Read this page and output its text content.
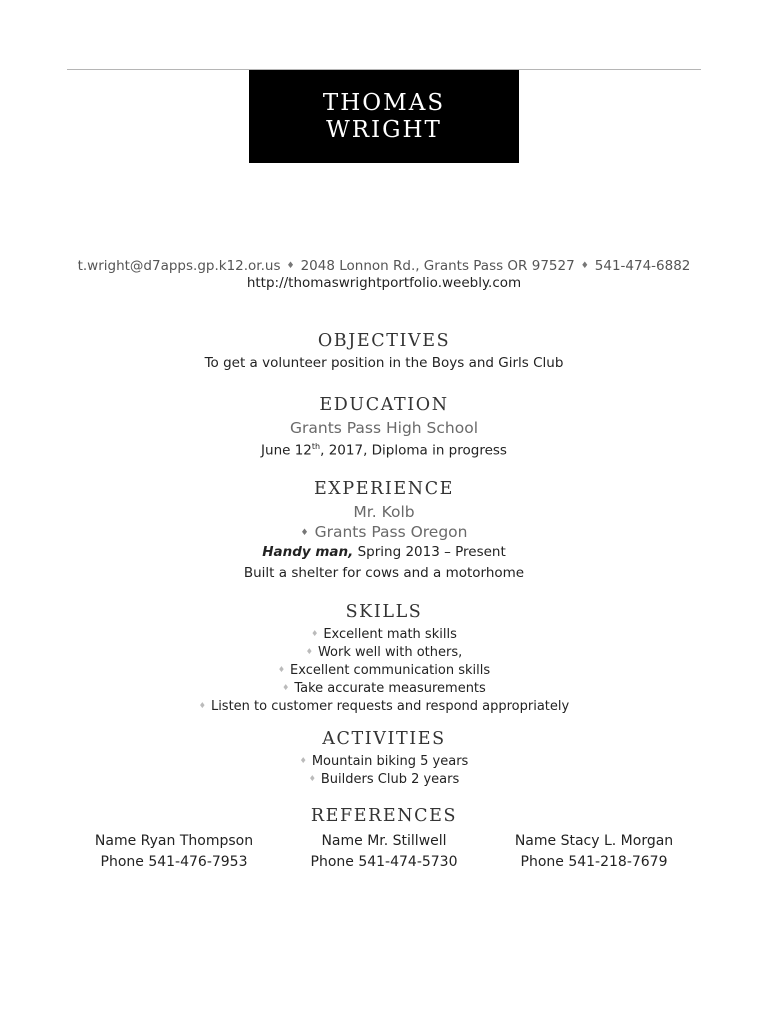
THOMAS
WRIGHT
t.wright@d7apps.gp.k12.or.us ♦ 2048 Lonnon Rd., Grants Pass OR 97527 ♦ 541-474-6882
http://thomaswrightportfolio.weebly.com
OBJECTIVES
To get a volunteer position in the Boys and Girls Club
EDUCATION
Grants Pass High School
June 12th, 2017, Diploma in progress
EXPERIENCE
Mr. Kolb
♦ Grants Pass Oregon
Handy man, Spring 2013 – Present
Built a shelter for cows and a motorhome
SKILLS
♦ Excellent math skills
♦ Work well with others,
♦ Excellent communication skills
♦ Take accurate measurements
♦ Listen to customer requests and respond appropriately
ACTIVITIES
♦ Mountain biking 5 years
♦ Builders Club 2 years
REFERENCES
Name Ryan Thompson
Phone 541-476-7953
Name Mr. Stillwell
Phone 541-474-5730
Name Stacy L. Morgan
Phone 541-218-7679
